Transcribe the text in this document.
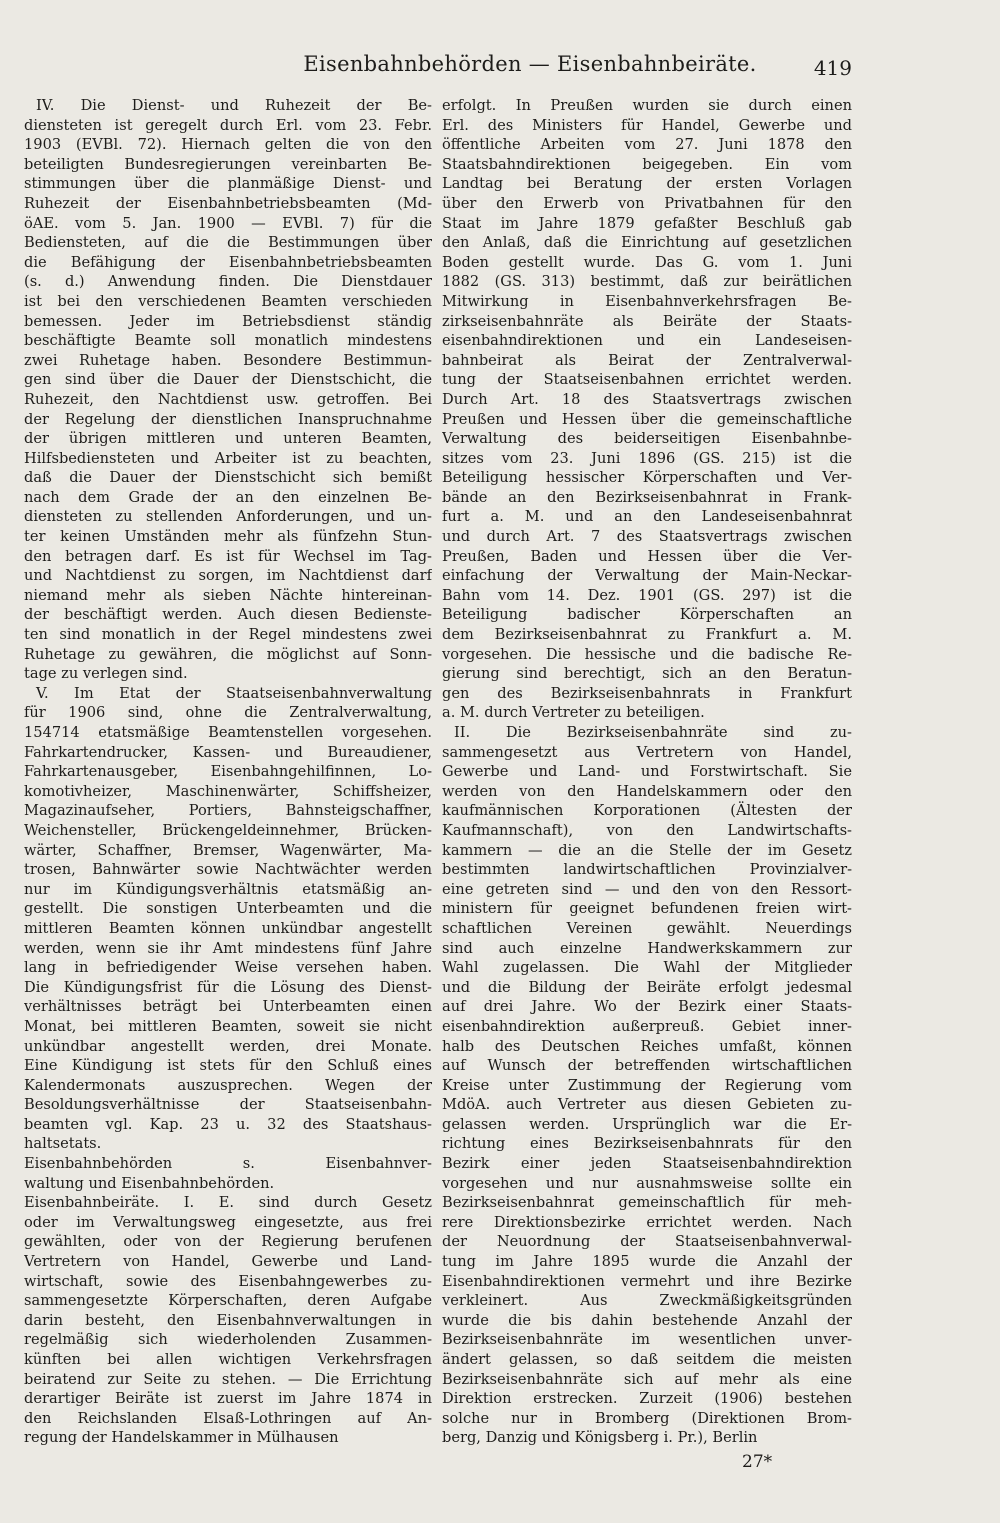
Eisenbahnbehörden — Eisenbahnbeiräte.	419
IV. Die Dienst- und Ruhezeit der Be-
diensteten ist geregelt durch Erl. vom 23. Febr.
1903 (EVBl. 72). Hiernach gelten die von den
beteiligten Bundesregierungen vereinbarten Be-
stimmungen über die planmäßige Dienst- und
Ruhezeit der Eisenbahnbetriebsbeamten (Md-
öAE. vom 5. Jan. 1900 — EVBl. 7) für die
Bediensteten, auf die die Bestimmungen über
die Befähigung der Eisenbahnbetriebsbeamten
(s. d.) Anwendung finden. Die Dienstdauer
ist bei den verschiedenen Beamten verschieden
bemessen. Jeder im Betriebsdienst ständig
beschäftigte Beamte soll monatlich mindestens
zwei Ruhetage haben. Besondere Bestimmun-
gen sind über die Dauer der Dienstschicht, die
Ruhezeit, den Nachtdienst usw. getroffen. Bei
der Regelung der dienstlichen Inanspruchnahme
der übrigen mittleren und unteren Beamten,
Hilfsbediensteten und Arbeiter ist zu beachten,
daß die Dauer der Dienstschicht sich bemißt
nach dem Grade der an den einzelnen Be-
diensteten zu stellenden Anforderungen, und un-
ter keinen Umständen mehr als fünfzehn Stun-
den betragen darf. Es ist für Wechsel im Tag-
und Nachtdienst zu sorgen, im Nachtdienst darf
niemand mehr als sieben Nächte hintereinan-
der beschäftigt werden. Auch diesen Bedienste-
ten sind monatlich in der Regel mindestens zwei
Ruhetage zu gewähren, die möglichst auf Sonn-
tage zu verlegen sind.
V. Im Etat der Staatseisenbahnverwaltung
für 1906 sind, ohne die Zentralverwaltung,
154714 etatsmäßige Beamtenstellen vorgesehen.
Fahrkartendrucker, Kassen- und Bureaudiener,
Fahrkartenausgeber, Eisenbahngehilfinnen, Lo-
komotivheizer, Maschinenwärter, Schiffsheizer,
Magazinaufseher, Portiers, Bahnsteigschaffner,
Weichensteller, Brückengeldeinnehmer, Brücken-
wärter, Schaffner, Bremser, Wagenwärter, Ma-
trosen, Bahnwärter sowie Nachtwächter werden
nur im Kündigungsverhältnis etatsmäßig an-
gestellt. Die sonstigen Unterbeamten und die
mittleren Beamten können unkündbar angestellt
werden, wenn sie ihr Amt mindestens fünf Jahre
lang in befriedigender Weise versehen haben.
Die Kündigungsfrist für die Lösung des Dienst-
verhältnisses beträgt bei Unterbeamten einen
Monat, bei mittleren Beamten, soweit sie nicht
unkündbar angestellt werden, drei Monate.
Eine Kündigung ist stets für den Schluß eines
Kalendermonats auszusprechen. Wegen der
Besoldungsverhältnisse der Staatseisenbahn-
beamten vgl. Kap. 23 u. 32 des Staatshaus-
haltsetats.
Eisenbahnbehörden s. Eisenbahnver-
waltung und Eisenbahnbehörden.
Eisenbahnbeiräte. I. E. sind durch Gesetz
oder im Verwaltungsweg eingesetzte, aus frei
gewählten, oder von der Regierung berufenen
Vertretern von Handel, Gewerbe und Land-
wirtschaft, sowie des Eisenbahngewerbes zu-
sammengesetzte Körperschaften, deren Aufgabe
darin besteht, den Eisenbahnverwaltungen in
regelmäßig sich wiederholenden Zusammen-
künften bei allen wichtigen Verkehrsfragen
beiratend zur Seite zu stehen. — Die Errichtung
derartiger Beiräte ist zuerst im Jahre 1874 in
den Reichslanden Elsaß-Lothringen auf An-
regung der Handelskammer in Mülhausen
erfolgt. In Preußen wurden sie durch einen
Erl. des Ministers für Handel, Gewerbe und
öffentliche Arbeiten vom 27. Juni 1878 den
Staatsbahndirektionen beigegeben. Ein vom
Landtag bei Beratung der ersten Vorlagen
über den Erwerb von Privatbahnen für den
Staat im Jahre 1879 gefaßter Beschluß gab
den Anlaß, daß die Einrichtung auf gesetzlichen
Boden gestellt wurde. Das G. vom 1. Juni
1882 (GS. 313) bestimmt, daß zur beirätlichen
Mitwirkung in Eisenbahnverkehrsfragen Be-
zirkseisenbahnräte als Beiräte der Staats-
eisenbahndirektionen und ein Landeseisen-
bahnbeirat als Beirat der Zentralverwal-
tung der Staatseisenbahnen errichtet werden.
Durch Art. 18 des Staatsvertrags zwischen
Preußen und Hessen über die gemeinschaftliche
Verwaltung des beiderseitigen Eisenbahnbe-
sitzes vom 23. Juni 1896 (GS. 215) ist die
Beteiligung hessischer Körperschaften und Ver-
bände an den Bezirkseisenbahnrat in Frank-
furt a. M. und an den Landeseisenbahnrat
und durch Art. 7 des Staatsvertrags zwischen
Preußen, Baden und Hessen über die Ver-
einfachung der Verwaltung der Main-Neckar-
Bahn vom 14. Dez. 1901 (GS. 297) ist die
Beteiligung badischer Körperschaften an
dem Bezirkseisenbahnrat zu Frankfurt a. M.
vorgesehen. Die hessische und die badische Re-
gierung sind berechtigt, sich an den Beratun-
gen des Bezirkseisenbahnrats in Frankfurt
a. M. durch Vertreter zu beteiligen.
II. Die Bezirkseisenbahnräte sind zu-
sammengesetzt aus Vertretern von Handel,
Gewerbe und Land- und Forstwirtschaft. Sie
werden von den Handelskammern oder den
kaufmännischen Korporationen (Ältesten der
Kaufmannschaft), von den Landwirtschafts-
kammern — die an die Stelle der im Gesetz
bestimmten landwirtschaftlichen Provinzialver-
eine getreten sind — und den von den Ressort-
ministern für geeignet befundenen freien wirt-
schaftlichen Vereinen gewählt. Neuerdings
sind auch einzelne Handwerkskammern zur
Wahl zugelassen. Die Wahl der Mitglieder
und die Bildung der Beiräte erfolgt jedesmal
auf drei Jahre. Wo der Bezirk einer Staats-
eisenbahndirektion außerpreuß. Gebiet inner-
halb des Deutschen Reiches umfaßt, können
auf Wunsch der betreffenden wirtschaftlichen
Kreise unter Zustimmung der Regierung vom
MdöA. auch Vertreter aus diesen Gebieten zu-
gelassen werden. Ursprünglich war die Er-
richtung eines Bezirkseisenbahnrats für den
Bezirk einer jeden Staatseisenbahndirektion
vorgesehen und nur ausnahmsweise sollte ein
Bezirkseisenbahnrat gemeinschaftlich für meh-
rere Direktionsbezirke errichtet werden. Nach
der Neuordnung der Staatseisenbahnverwal-
tung im Jahre 1895 wurde die Anzahl der
Eisenbahndirektionen vermehrt und ihre Bezirke
verkleinert. Aus Zweckmäßigkeitsgründen
wurde die bis dahin bestehende Anzahl der
Bezirkseisenbahnräte im wesentlichen unver-
ändert gelassen, so daß seitdem die meisten
Bezirkseisenbahnräte sich auf mehr als eine
Direktion erstrecken. Zurzeit (1906) bestehen
solche nur in Bromberg (Direktionen Brom-
berg, Danzig und Königsberg i. Pr.), Berlin
27*
